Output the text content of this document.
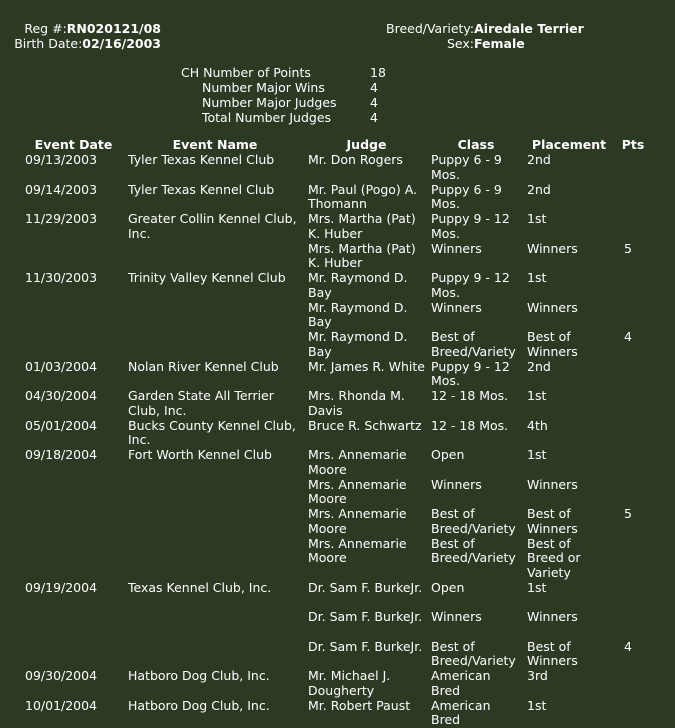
Reg #:RN020121/08
Birth Date:02/16/2003
Breed/Variety:Airedale Terrier
Sex:Female
CH Number of Points	18
Number Major Wins	4
Number Major Judges	4
Total Number Judges	4
Event Date	Event Name	Judge	Class	Placement	Pts
09/13/2003	Tyler Texas Kennel Club	Mr. Don Rogers	Puppy 6 - 9 Mos.	2nd	
09/14/2003	Tyler Texas Kennel Club	Mr. Paul (Pogo) A. Thomann	Puppy 6 - 9 Mos.	2nd	
11/29/2003	Greater Collin Kennel Club, Inc.	Mrs. Martha (Pat) K. Huber	Puppy 9 - 12 Mos.	1st	
		Mrs. Martha (Pat) K. Huber	Winners	Winners	5
11/30/2003	Trinity Valley Kennel Club	Mr. Raymond D. Bay	Puppy 9 - 12 Mos.	1st	
		Mr. Raymond D. Bay	Winners	Winners	
		Mr. Raymond D. Bay	Best of Breed/Variety	Best of Winners	4
01/03/2004	Nolan River Kennel Club	Mr. James R. White	Puppy 9 - 12 Mos.	2nd	
04/30/2004	Garden State All Terrier Club, Inc.	Mrs. Rhonda M. Davis	12 - 18 Mos.	1st	
05/01/2004	Bucks County Kennel Club, Inc.	Bruce R. Schwartz	12 - 18 Mos.	4th	
09/18/2004	Fort Worth Kennel Club	Mrs. Annemarie Moore	Open	1st	
		Mrs. Annemarie Moore	Winners	Winners	
		Mrs. Annemarie Moore	Best of Breed/Variety	Best of Winners	5
		Mrs. Annemarie Moore	Best of Breed/Variety	Best of Breed or Variety	
09/19/2004	Texas Kennel Club, Inc.	Dr. Sam F. BurkeJr.	Open	1st	
		Dr. Sam F. BurkeJr.	Winners	Winners	
		Dr. Sam F. BurkeJr.	Best of Breed/Variety	Best of Winners	4
09/30/2004	Hatboro Dog Club, Inc.	Mr. Michael J. Dougherty	American Bred	3rd	
10/01/2004	Hatboro Dog Club, Inc.	Mr. Robert Paust	American Bred	1st	
